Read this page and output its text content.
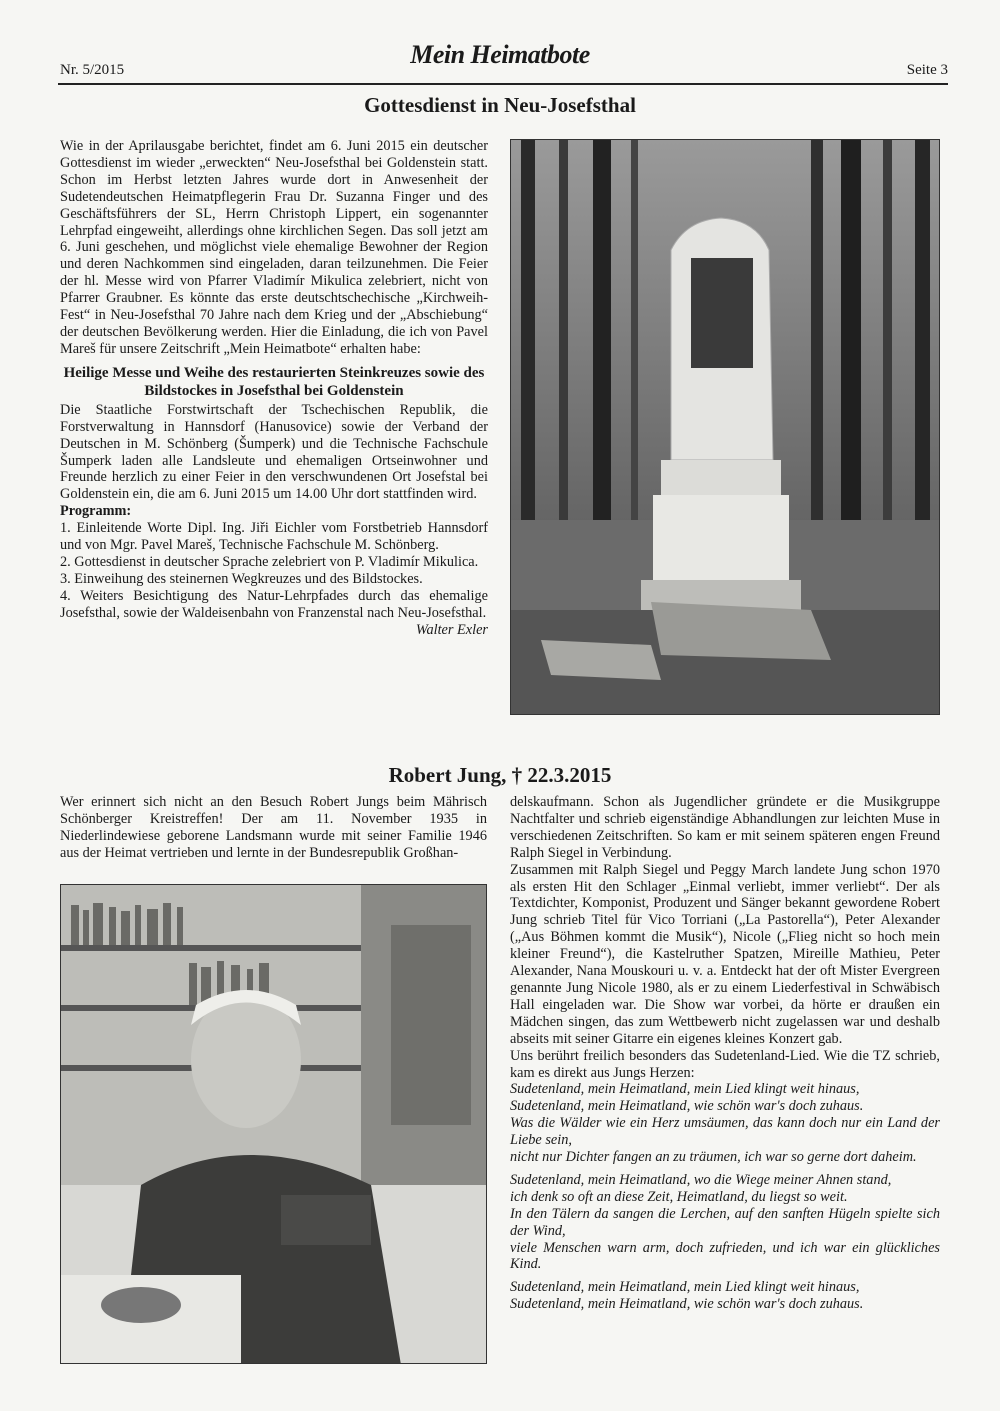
Nr. 5/2015
Mein Heimatbote
Seite 3
Gottesdienst in Neu-Josefsthal

Wie in der Aprilausgabe berichtet, findet am 6. Juni 2015 ein deutscher Gottesdienst im wieder „erweckten“ Neu-Josefsthal bei Goldenstein statt. Schon im Herbst letzten Jahres wurde dort in Anwesenheit der Sudetendeutschen Heimatpflegerin Frau Dr. Suzanna Finger und des Geschäftsführers der SL, Herrn Christoph Lippert, ein sogenannter Lehrpfad eingeweiht, allerdings ohne kirchlichen Segen. Das soll jetzt am 6. Juni geschehen, und möglichst viele ehemalige Bewohner der Region und deren Nachkommen sind eingeladen, daran teilzunehmen. Die Feier der hl. Messe wird von Pfarrer Vladimír Mikulica zelebriert, nicht von Pfarrer Graubner. Es könnte das erste deutschtschechische „Kirchweih-Fest“ in Neu-Josefsthal 70 Jahre nach dem Krieg und der „Abschiebung“ der deutschen Bevölkerung werden. Hier die Einladung, die ich von Pavel Mareš für unsere Zeitschrift „Mein Heimatbote“ erhalten habe:

Heilige Messe und Weihe des restaurierten Steinkreuzes sowie des Bildstockes in Josefsthal bei Goldenstein

Die Staatliche Forstwirtschaft der Tschechischen Republik, die Forstverwaltung in Hannsdorf (Hanusovice) sowie der Verband der Deutschen in M. Schönberg (Šumperk) und die Technische Fachschule Šumperk laden alle Landsleute und ehemaligen Ortseinwohner und Freunde herzlich zu einer Feier in den verschwundenen Ort Josefstal bei Goldenstein ein, die am 6. Juni 2015 um 14.00 Uhr dort stattfinden wird.

Programm:

1. Einleitende Worte Dipl. Ing. Jiři Eichler vom Forstbetrieb Hannsdorf und von Mgr. Pavel Mareš, Technische Fachschule M. Schönberg.

2. Gottesdienst in deutscher Sprache zelebriert von P. Vladimír Mikulica.

3. Einweihung des steinernen Wegkreuzes und des Bildstockes.

4. Weiters Besichtigung des Natur-Lehrpfades durch das ehemalige Josefsthal, sowie der Waldeisenbahn von Franzenstal nach Neu-Josefsthal.

Walter Exler

Robert Jung, † 22.3.2015
Wer erinnert sich nicht an den Besuch Robert Jungs beim Mährisch Schönberger Kreistreffen! Der am 11. November 1935 in Niederlindewiese geborene Landsmann wurde mit seiner Familie 1946 aus der Heimat vertrieben und lernte in der Bundesrepublik Großhan-

delskaufmann. Schon als Jugendlicher gründete er die Musikgruppe Nachtfalter und schrieb eigenständige Abhandlungen zur leichten Muse in verschiedenen Zeitschriften. So kam er mit seinem späteren engen Freund Ralph Siegel in Verbindung.

Zusammen mit Ralph Siegel und Peggy March landete Jung schon 1970 als ersten Hit den Schlager „Einmal verliebt, immer verliebt“. Der als Textdichter, Komponist, Produzent und Sänger bekannt gewordene Robert Jung schrieb Titel für Vico Torriani („La Pastorella“), Peter Alexander („Aus Böhmen kommt die Musik“), Nicole („Flieg nicht so hoch mein kleiner Freund“), die Kastelruther Spatzen, Mireille Mathieu, Peter Alexander, Nana Mouskouri u. v. a. Entdeckt hat der oft Mister Evergreen genannte Jung Nicole 1980, als er zu einem Liederfestival in Schwäbisch Hall eingeladen war. Die Show war vorbei, da hörte er draußen ein Mädchen singen, das zum Wettbewerb nicht zugelassen war und deshalb abseits mit seiner Gitarre ein eigenes kleines Konzert gab.

Uns berührt freilich besonders das Sudetenland-Lied. Wie die TZ schrieb, kam es direkt aus Jungs Herzen:

Sudetenland, mein Heimatland, mein Lied klingt weit hinaus,

Sudetenland, mein Heimatland, wie schön war's doch zuhaus.

Was die Wälder wie ein Herz umsäumen, das kann doch nur ein Land der Liebe sein,

nicht nur Dichter fangen an zu träumen, ich war so gerne dort daheim.

Sudetenland, mein Heimatland, wo die Wiege meiner Ahnen stand,

ich denk so oft an diese Zeit, Heimatland, du liegst so weit.

In den Tälern da sangen die Lerchen, auf den sanften Hügeln spielte sich der Wind,

viele Menschen warn arm, doch zufrieden, und ich war ein glückliches Kind.

Sudetenland, mein Heimatland, mein Lied klingt weit hinaus,

Sudetenland, mein Heimatland, wie schön war's doch zuhaus.
